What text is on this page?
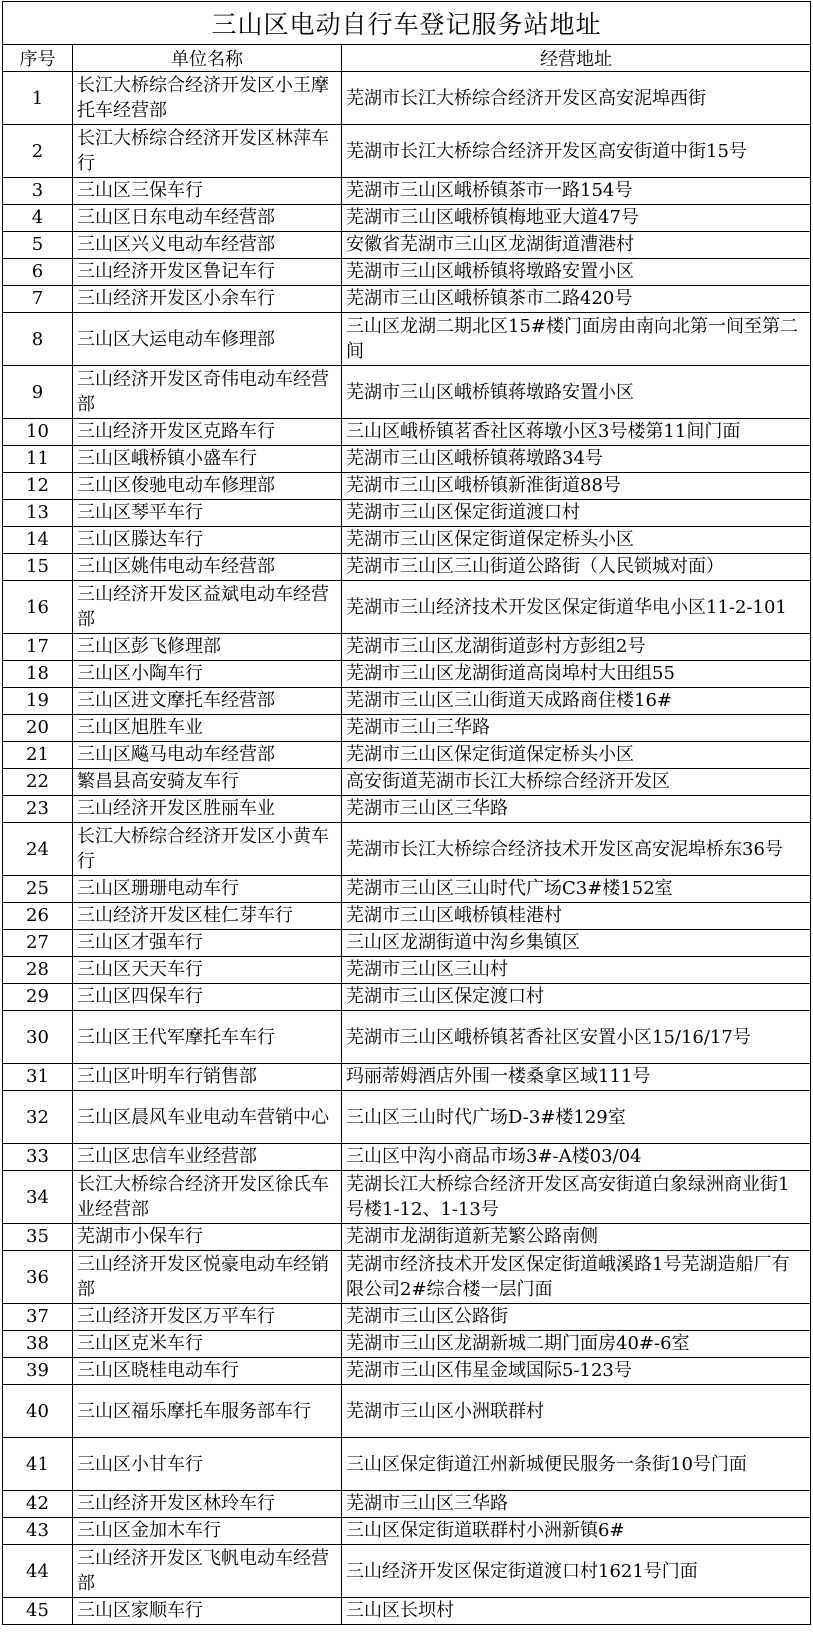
三山区电动自行车登记服务站地址		
序号	单位名称	经营地址
1	长江大桥综合经济开发区小王摩托车经营部	芜湖市长江大桥综合经济开发区高安泥埠西街
2	长江大桥综合经济开发区林萍车行	芜湖市长江大桥综合经济开发区高安街道中街15号
3	三山区三保车行	芜湖市三山区峨桥镇茶市一路154号
4	三山区日东电动车经营部	芜湖市三山区峨桥镇梅地亚大道47号
5	三山区兴义电动车经营部	安徽省芜湖市三山区龙湖街道漕港村
6	三山经济开发区鲁记车行	芜湖市三山区峨桥镇将墩路安置小区
7	三山经济开发区小余车行	芜湖市三山区峨桥镇茶市二路420号
8	三山区大运电动车修理部	三山区龙湖二期北区15#楼门面房由南向北第一间至第二间
9	三山经济开发区奇伟电动车经营部	芜湖市三山区峨桥镇蒋墩路安置小区
10	三山经济开发区克路车行	三山区峨桥镇茗香社区蒋墩小区3号楼第11间门面
11	三山区峨桥镇小盛车行	芜湖市三山区峨桥镇蒋墩路34号
12	三山区俊驰电动车修理部	芜湖市三山区峨桥镇新淮街道88号
13	三山区琴平车行	芜湖市三山区保定街道渡口村
14	三山区滕达车行	芜湖市三山区保定街道保定桥头小区
15	三山区姚伟电动车经营部	芜湖市三山区三山街道公路街（人民锁城对面）
16	三山经济开发区益斌电动车经营部	芜湖市三山经济技术开发区保定街道华电小区11-2-101
17	三山区彭飞修理部	芜湖市三山区龙湖街道彭村方彭组2号
18	三山区小陶车行	芜湖市三山区龙湖街道高岗埠村大田组55
19	三山区进文摩托车经营部	芜湖市三山区三山街道天成路商住楼16#
20	三山区旭胜车业	芜湖市三山三华路
21	三山区飚马电动车经营部	芜湖市三山区保定街道保定桥头小区
22	繁昌县高安骑友车行	高安街道芜湖市长江大桥综合经济开发区
23	三山经济开发区胜丽车业	芜湖市三山区三华路
24	长江大桥综合经济开发区小黄车行	芜湖市长江大桥综合经济技术开发区高安泥埠桥东36号
25	三山区珊珊电动车行	芜湖市三山区三山时代广场C3#楼152室
26	三山经济开发区桂仁芽车行	芜湖市三山区峨桥镇桂港村
27	三山区才强车行	三山区龙湖街道中沟乡集镇区
28	三山区天天车行	芜湖市三山区三山村
29	三山区四保车行	芜湖市三山区保定渡口村
30	三山区王代军摩托车车行	芜湖市三山区峨桥镇茗香社区安置小区15/16/17号
31	三山区叶明车行销售部	玛丽蒂姆酒店外围一楼桑拿区域111号
32	三山区晨风车业电动车营销中心	三山区三山时代广场D-3#楼129室
33	三山区忠信车业经营部	三山区中沟小商品市场3#-A楼03/04
34	长江大桥综合经济开发区徐氏车业经营部	芜湖长江大桥综合经济开发区高安街道白象绿洲商业街1号楼1-12、1-13号
35	芜湖市小保车行	芜湖市龙湖街道新芜繁公路南侧
36	三山经济开发区悦豪电动车经销部	芜湖市经济技术开发区保定街道峨溪路1号芜湖造船厂有限公司2#综合楼一层门面
37	三山经济开发区万平车行	芜湖市三山区公路街
38	三山区克米车行	芜湖市三山区龙湖新城二期门面房40#-6室
39	三山区晓桂电动车行	芜湖市三山区伟星金域国际5-123号
40	三山区福乐摩托车服务部车行	芜湖市三山区小洲联群村
41	三山区小甘车行	三山区保定街道江州新城便民服务一条街10号门面
42	三山经济开发区林玲车行	芜湖市三山区三华路
43	三山区金加木车行	三山区保定街道联群村小洲新镇6#
44	三山经济开发区飞帆电动车经营部	三山经济开发区保定街道渡口村1621号门面
45	三山区家顺车行	三山区长坝村
